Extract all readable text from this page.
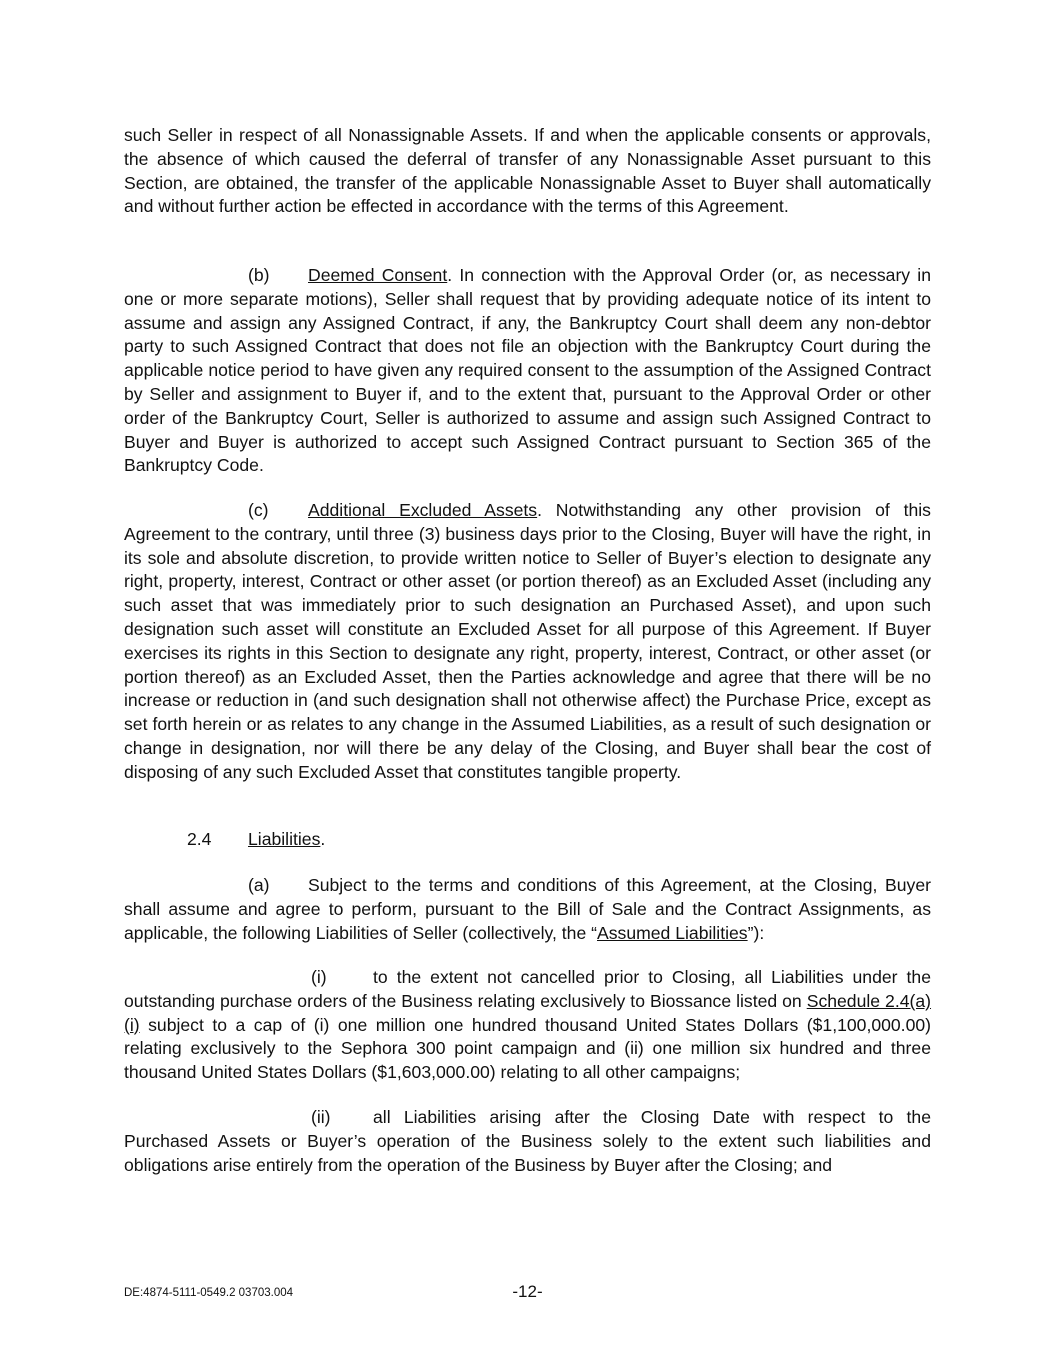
such Seller in respect of all Nonassignable Assets. If and when the applicable consents or approvals, the absence of which caused the deferral of transfer of any Nonassignable Asset pursuant to this Section, are obtained, the transfer of the applicable Nonassignable Asset to Buyer shall automatically and without further action be effected in accordance with the terms of this Agreement.

(b) Deemed Consent. In connection with the Approval Order (or, as necessary in one or more separate motions), Seller shall request that by providing adequate notice of its intent to assume and assign any Assigned Contract, if any, the Bankruptcy Court shall deem any non-debtor party to such Assigned Contract that does not file an objection with the Bankruptcy Court during the applicable notice period to have given any required consent to the assumption of the Assigned Contract by Seller and assignment to Buyer if, and to the extent that, pursuant to the Approval Order or other order of the Bankruptcy Court, Seller is authorized to assume and assign such Assigned Contract to Buyer and Buyer is authorized to accept such Assigned Contract pursuant to Section 365 of the Bankruptcy Code.

(c) Additional Excluded Assets. Notwithstanding any other provision of this Agreement to the contrary, until three (3) business days prior to the Closing, Buyer will have the right, in its sole and absolute discretion, to provide written notice to Seller of Buyer’s election to designate any right, property, interest, Contract or other asset (or portion thereof) as an Excluded Asset (including any such asset that was immediately prior to such designation an Purchased Asset), and upon such designation such asset will constitute an Excluded Asset for all purpose of this Agreement. If Buyer exercises its rights in this Section to designate any right, property, interest, Contract, or other asset (or portion thereof) as an Excluded Asset, then the Parties acknowledge and agree that there will be no increase or reduction in (and such designation shall not otherwise affect) the Purchase Price, except as set forth herein or as relates to any change in the Assumed Liabilities, as a result of such designation or change in designation, nor will there be any delay of the Closing, and Buyer shall bear the cost of disposing of any such Excluded Asset that constitutes tangible property.

2.4 Liabilities.

(a) Subject to the terms and conditions of this Agreement, at the Closing, Buyer shall assume and agree to perform, pursuant to the Bill of Sale and the Contract Assignments, as applicable, the following Liabilities of Seller (collectively, the “Assumed Liabilities”):

(i)	to the extent not cancelled prior to Closing, all Liabilities under the outstanding purchase orders of the Business relating exclusively to Biossance listed on Schedule 2.4(a)(i) subject to a cap of (i) one million one hundred thousand United States Dollars ($1,100,000.00) relating exclusively to the Sephora 300 point campaign and (ii) one million six hundred and three thousand United States Dollars ($1,603,000.00) relating to all other campaigns;

(ii) all Liabilities arising after the Closing Date with respect to the Purchased Assets or Buyer’s operation of the Business solely to the extent such liabilities and obligations arise entirely from the operation of the Business by Buyer after the Closing; and

DE:4874-5111-0549.2 03703.004	-12-
